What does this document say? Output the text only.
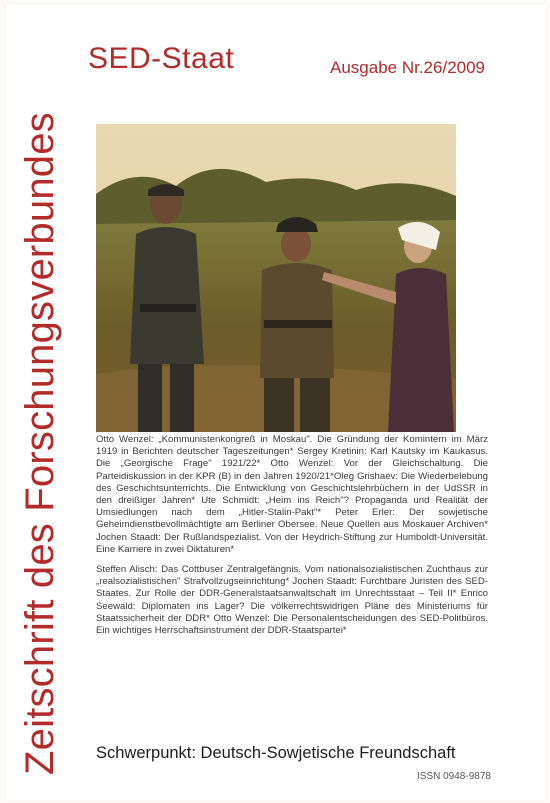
Zeitschrift des Forschungsverbundes
SED-Staat	Ausgabe Nr.26/2009

Otto Wenzel: „Kommunistenkongreß in Moskau". Die Gründung der Komintern im März 1919 in Berichten deutscher Tageszeitungen* Sergey Kretinin: Karl Kautsky im Kaukasus. Die „Georgische Frage" 1921/22* Otto Wenzel: Vor der Gleichschaltung. Die Parteidiskussion in der KPR (B) in den Jahren 1920/21*Oleg Grishaev: Die Wiederbelebung des Geschichtsunterrichts. Die Entwicklung von Geschichtslehrbüchern in der UdSSR in den dreißiger Jahren* Ute Schmidt: „Heim ins Reich"? Propaganda und Realität der Umsiedlungen nach dem „Hitler-Stalin-Pakt"* Peter Erler: Der sowjetische Geheimdienstbevollmächtigte am Berliner Obersee. Neue Quellen aus Moskauer Archiven* Jochen Staadt: Der Rußlandspezialist. Von der Heydrich-Stiftung zur Humboldt-Universität. Eine Karriere in zwei Diktaturen*

Steffen Alisch: Das Cottbuser Zentralgefängnis. Vom nationalsozialistischen Zuchthaus zur „realsozialistischen" Strafvollzugseinrichtung* Jochen Staadt: Furchtbare Juristen des SED-Staates. Zur Rolle der DDR-Generalstaatsanwaltschaft im Unrechtsstaat – Teil II* Enrico Seewald: Diplomaten ins Lager? Die völkerrechtswidrigen Pläne des Ministeriums für Staatssicherheit der DDR* Otto Wenzel: Die Personalentscheidungen des SED-Politbüros. Ein wichtiges Herrschaftsinstrument der DDR-Staatspartei*

Schwerpunkt: Deutsch-Sowjetische Freundschaft
ISSN 0948-9878
